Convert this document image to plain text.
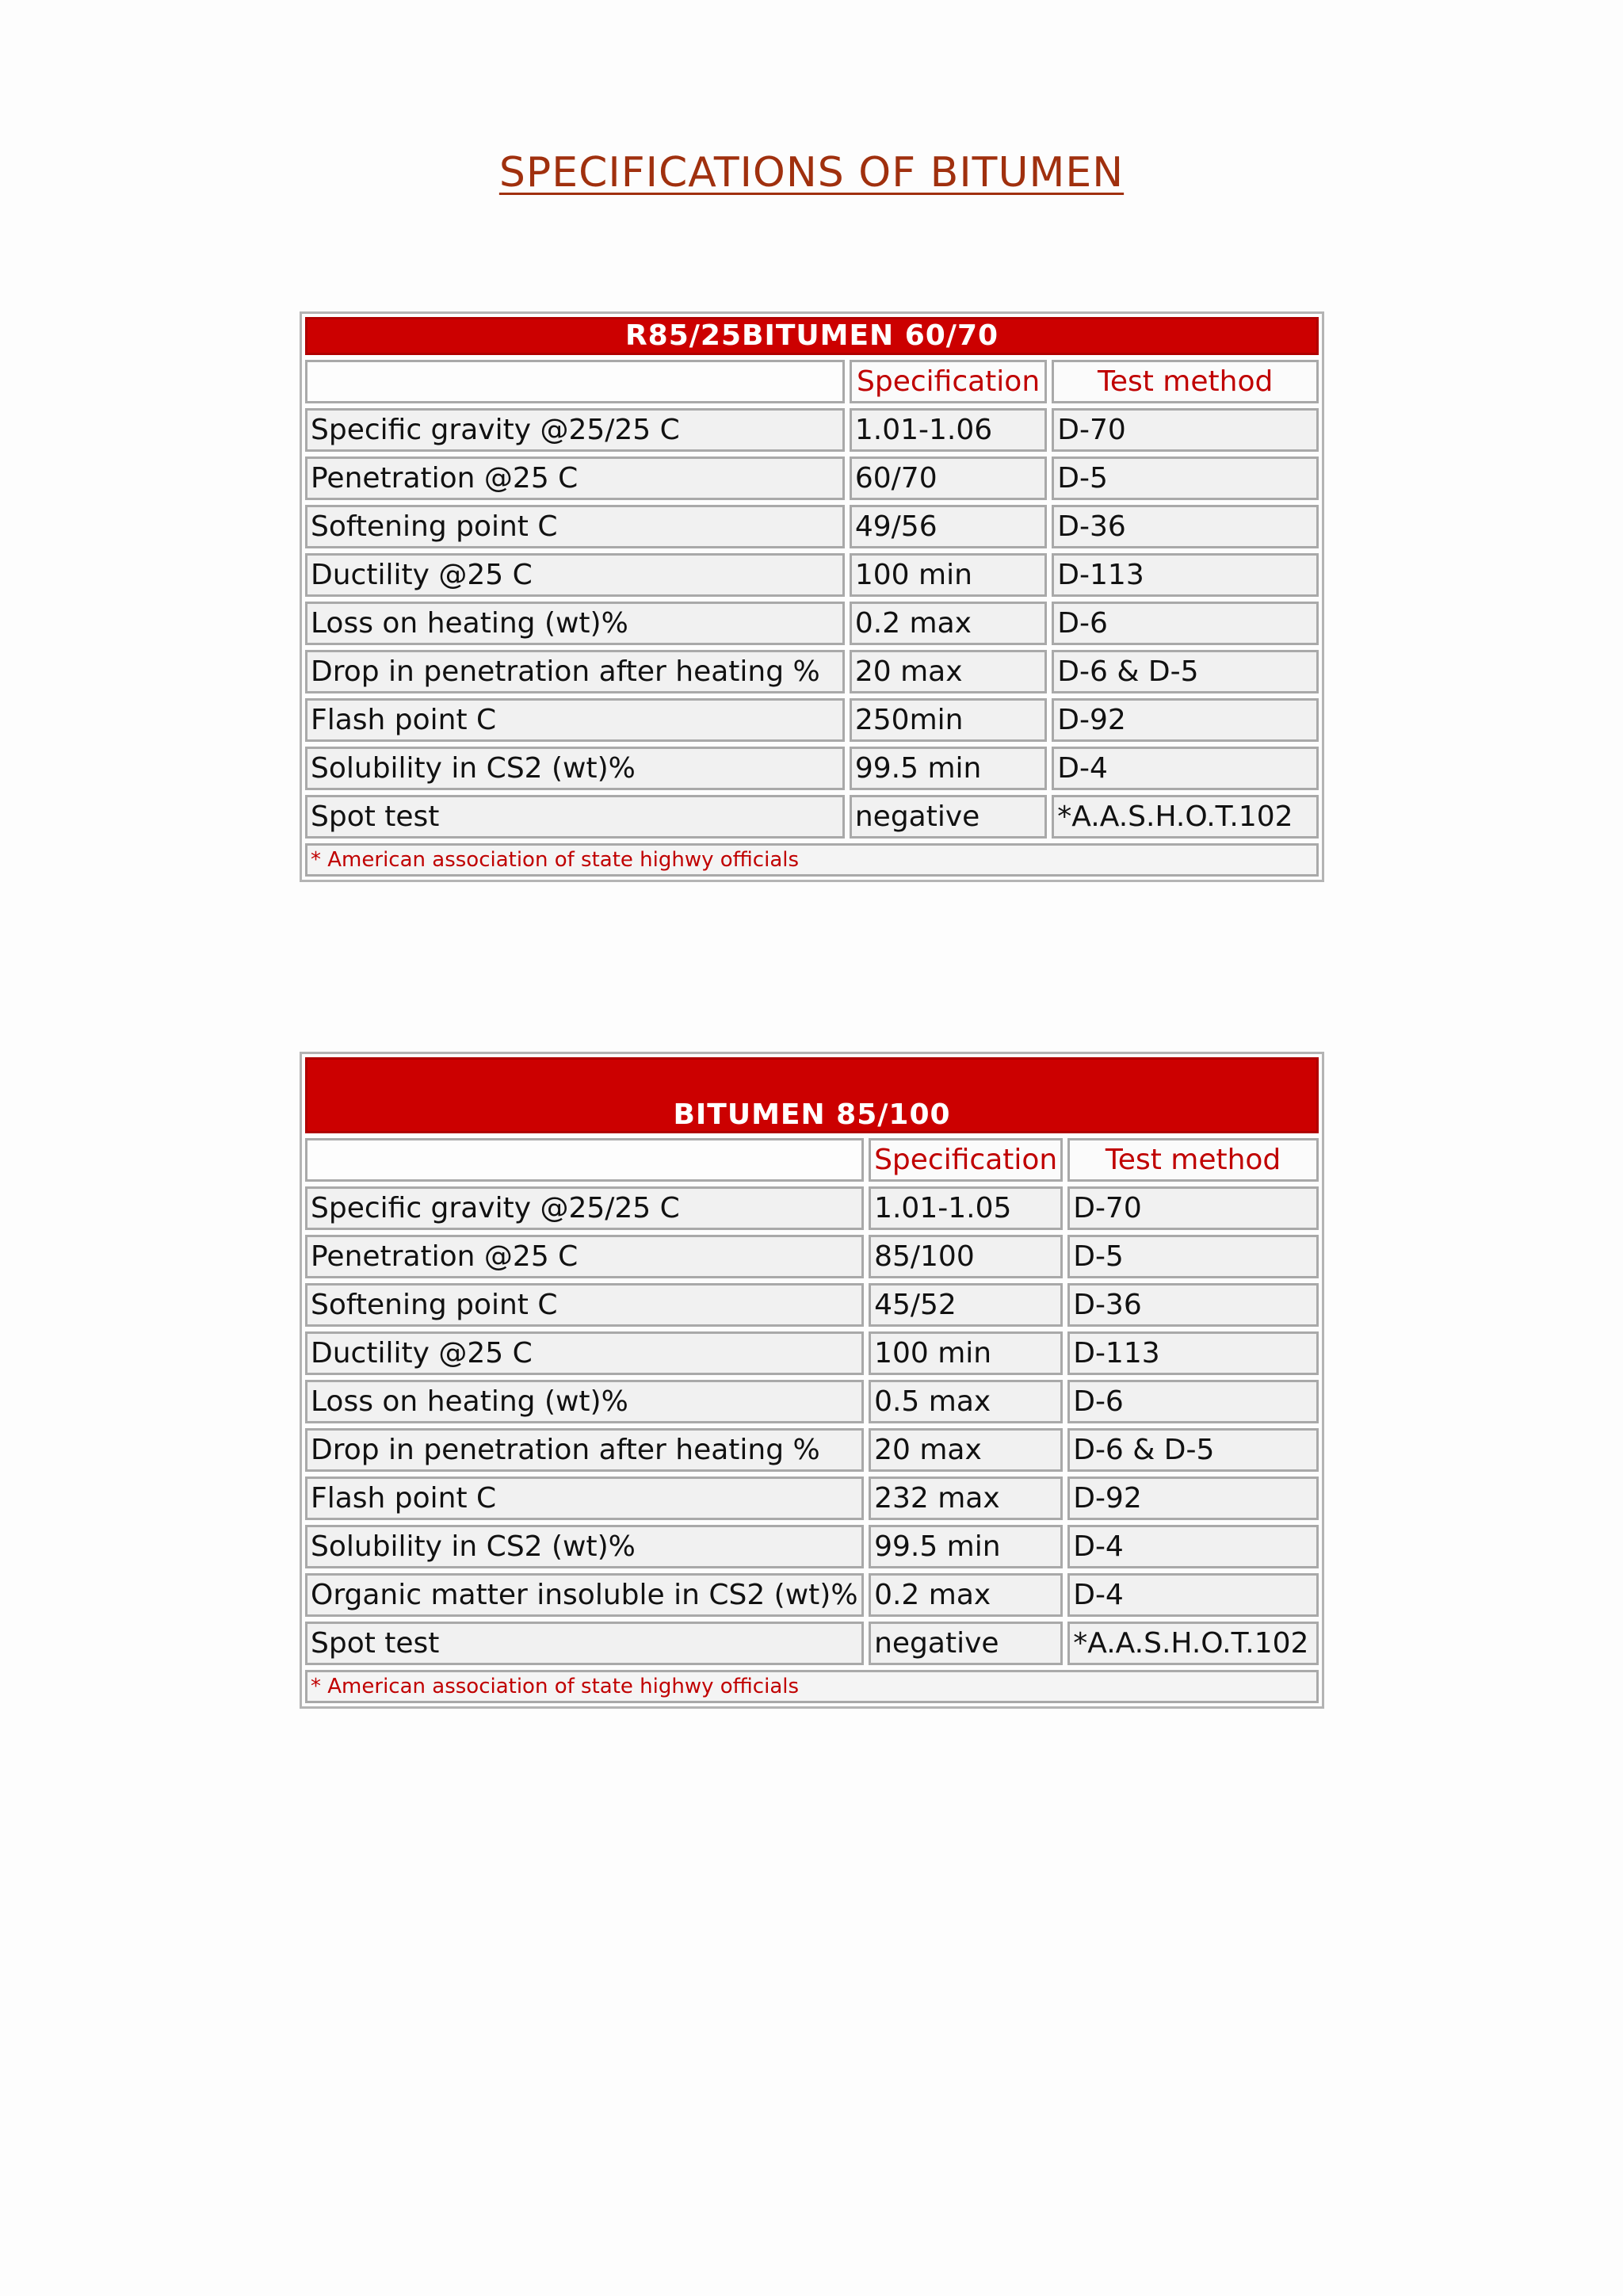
SPECIFICATIONS OF BITUMEN
R85/25BITUMEN 60/70		
	Specification	Test method
Specific gravity @25/25 C	1.01-1.06	D-70
Penetration @25 C	60/70	D-5
Softening point C	49/56	D-36
Ductility @25 C	100 min	D-113
Loss on heating (wt)%	0.2 max	D-6
Drop in penetration after heating %	20 max	D-6 & D-5
Flash point C	250min	D-92
Solubility in CS2 (wt)%	99.5 min	D-4
Spot test	negative	*A.A.S.H.O.T.102
* American association of state highwy officials		
BITUMEN 85/100		
	Specification	Test method
Specific gravity @25/25 C	1.01-1.05	D-70
Penetration @25 C	85/100	D-5
Softening point C	45/52	D-36
Ductility @25 C	100 min	D-113
Loss on heating (wt)%	0.5 max	D-6
Drop in penetration after heating %	20 max	D-6 & D-5
Flash point C	232 max	D-92
Solubility in CS2 (wt)%	99.5 min	D-4
Organic matter insoluble in CS2 (wt)%	0.2 max	D-4
Spot test	negative	*A.A.S.H.O.T.102
* American association of state highwy officials		
